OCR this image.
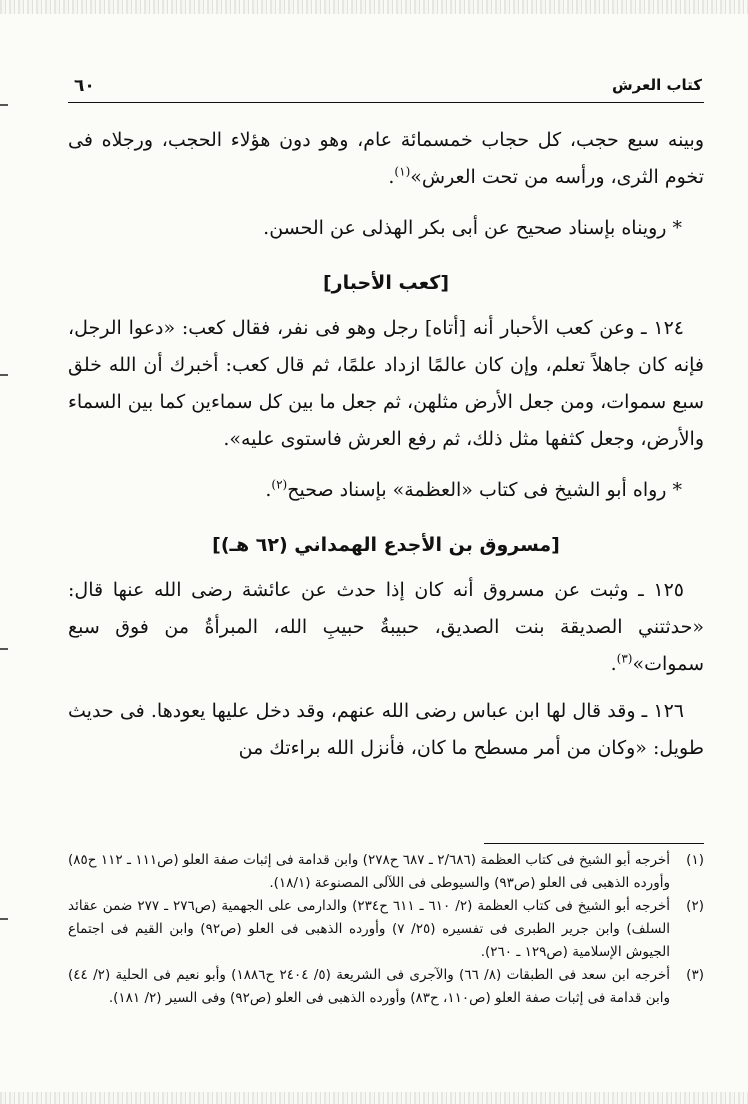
كتاب العرش
٦٠

وبينه سبع حجب، كل حجاب خمسمائة عام، وهو دون هؤلاء الحجب، ورجلاه فى تخوم الثرى، ورأسه من تحت العرش»$^{(١)}$.

* رويناه بإسناد صحيح عن أبى بكر الهذلى عن الحسن.

[كعب الأحبار]

١٢٤ ـ وعن كعب الأحبار أنه [أتاه] رجل وهو فى نفر، فقال كعب: «دعوا الرجل، فإنه كان جاهلاً تعلم، وإن كان عالمًا ازداد علمًا، ثم قال كعب: أخبرك أن الله خلق سبع سموات، ومن جعل الأرض مثلهن، ثم جعل ما بين كل سماءين كما بين السماء والأرض، وجعل كثفها مثل ذلك، ثم رفع العرش فاستوى عليه».

* رواه أبو الشيخ فى كتاب «العظمة» بإسناد صحيح$^{(٢)}$.

[مسروق بن الأجدع الهمداني (٦٢ هـ)]

١٢٥ ـ وثبت عن مسروق أنه كان إذا حدث عن عائشة رضى الله عنها قال: «حدثتني الصديقة بنت الصديق، حبيبةُ حبيبِ الله، المبرأةُ من فوق سبع سموات»$^{(٣)}$.

١٢٦ ـ وقد قال لها ابن عباس رضى الله عنهم، وقد دخل عليها يعودها. فى حديث طويل: «وكان من أمر مسطح ما كان، فأنزل الله براءتك من

(١)
أخرجه أبو الشيخ فى كتاب العظمة (٢/٦٨٦ ـ ٦٨٧ ح٢٧٨) وابن قدامة فى إثبات صفة العلو (ص١١١ ـ ١١٢ ح٨٥) وأورده الذهبى فى العلو (ص٩٣) والسيوطى فى اللآلى المصنوعة (١٨/١).
(٢)
أخرجه أبو الشيخ فى كتاب العظمة (٢/ ٦١٠ ـ ٦١١ ح٢٣٤) والدارمى على الجهمية (ص٢٧٦ ـ ٢٧٧ ضمن عقائد السلف) وابن جرير الطبرى فى تفسيره (٢٥/ ٧) وأورده الذهبى فى العلو (ص٩٢) وابن القيم فى اجتماع الجيوش الإسلامية (ص١٢٩ ـ ٢٦٠).
(٣)
أخرجه ابن سعد فى الطبقات (٨/ ٦٦) والآجرى فى الشريعة (٥/ ٢٤٠٤ ح١٨٨٦) وأبو نعيم فى الحلية (٢/ ٤٤) وابن قدامة فى إثبات صفة العلو (ص١١٠، ح٨٣) وأورده الذهبى فى العلو (ص٩٢) وفى السير (٢/ ١٨١).
